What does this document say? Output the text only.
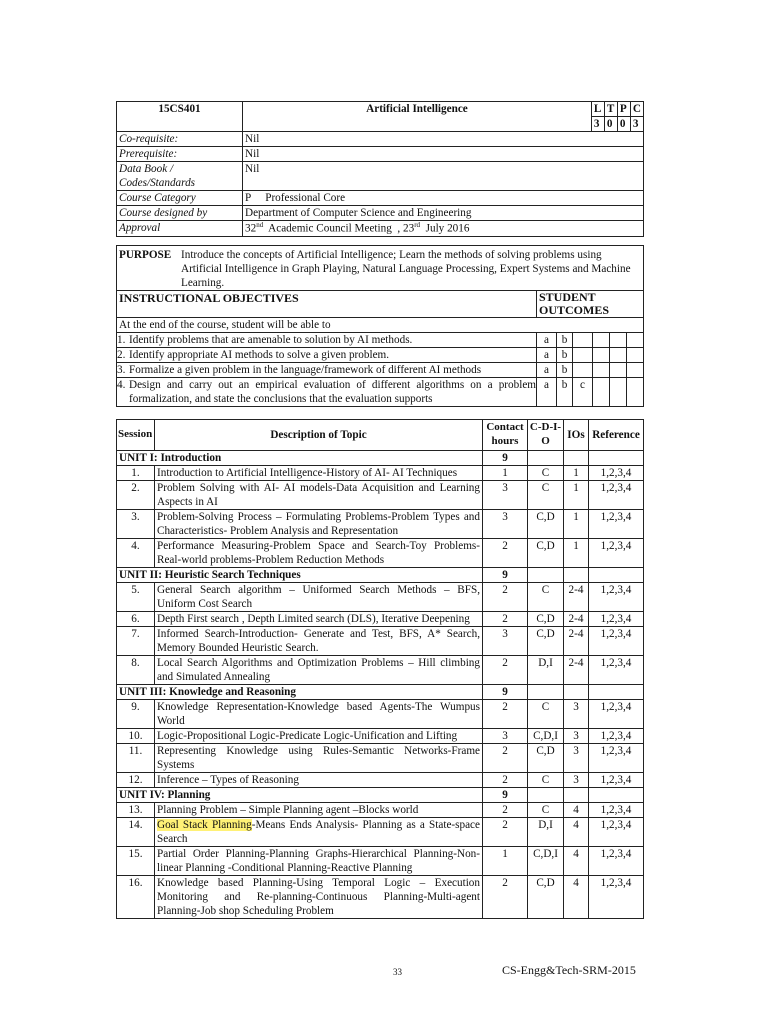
15CS401	Artificial Intelligence	L	T	P	C
		3	0	0	3
Co-requisite:	Nil				
Prerequisite:	Nil				
Data Book / Codes/Standards	Nil				
Course Category	P Professional Core				
Course designed by	Department of Computer Science and Engineering				
Approval	32nd  Academic Council Meeting  , 23rd  July 2016				
PURPOSE	Introduce the concepts of Artificial Intelligence; Learn the methods of solving problems using Artificial Intelligence in Graph Playing, Natural Language Processing, Expert Systems and Machine Learning.						
INSTRUCTIONAL OBJECTIVES		STUDENT OUTCOMES					
At the end of the course, student will be able to							
1. Identify problems that are amenable to solution by AI methods.		a	b				
2. Identify appropriate AI methods to solve a given problem.		a	b				
3. Formalize a given problem in the language/framework of different AI methods		a	b				

4. Design and carry out an empirical evaluation of different algorithms on a problem formalization, and state the conclusions that the evaluation supports		a	b	c			
Session	Description of Topic	Contact hours	C-D-I-O	IOs	Reference
UNIT I: Introduction		9			
1.	Introduction to Artificial Intelligence-History of AI- AI Techniques	1	C	1	1,2,3,4
2.	Problem Solving with AI- AI models-Data Acquisition and Learning Aspects in AI	3	C	1	1,2,3,4
3.	Problem-Solving Process – Formulating Problems-Problem Types and Characteristics- Problem Analysis and Representation	3	C,D	1	1,2,3,4
4.	Performance Measuring-Problem Space and Search-Toy Problems- Real-world problems-Problem Reduction Methods	2	C,D	1	1,2,3,4
UNIT II: Heuristic Search Techniques		9			
5.	General Search algorithm – Uniformed Search Methods – BFS, Uniform Cost Search	2	C	2-4	1,2,3,4
6.	Depth First search , Depth Limited search (DLS), Iterative Deepening	2	C,D	2-4	1,2,3,4
7.	Informed Search-Introduction- Generate and Test, BFS, A* Search, Memory Bounded Heuristic Search.	3	C,D	2-4	1,2,3,4
8.	Local Search Algorithms and Optimization Problems – Hill climbing and Simulated Annealing	2	D,I	2-4	1,2,3,4
UNIT III: Knowledge and Reasoning		9			
9.	Knowledge Representation-Knowledge based Agents-The Wumpus World	2	C	3	1,2,3,4
10.	Logic-Propositional Logic-Predicate Logic-Unification and Lifting	3	C,D,I	3	1,2,3,4
11.	Representing Knowledge using Rules-Semantic Networks-Frame Systems	2	C,D	3	1,2,3,4
12.	Inference – Types of Reasoning	2	C	3	1,2,3,4
UNIT IV: Planning		9			
13.	Planning Problem – Simple Planning agent –Blocks world	2	C	4	1,2,3,4
14.	Goal Stack Planning-Means Ends Analysis- Planning as a State-space Search	2	D,I	4	1,2,3,4
15.	Partial Order Planning-Planning Graphs-Hierarchical Planning-Non- linear Planning -Conditional Planning-Reactive Planning	1	C,D,I	4	1,2,3,4
16.	Knowledge based Planning-Using Temporal Logic – Execution Monitoring and Re-planning-Continuous Planning-Multi-agent Planning-Job shop Scheduling Problem	2	C,D	4	1,2,3,4
33	CS-Engg&Tech-SRM-2015
